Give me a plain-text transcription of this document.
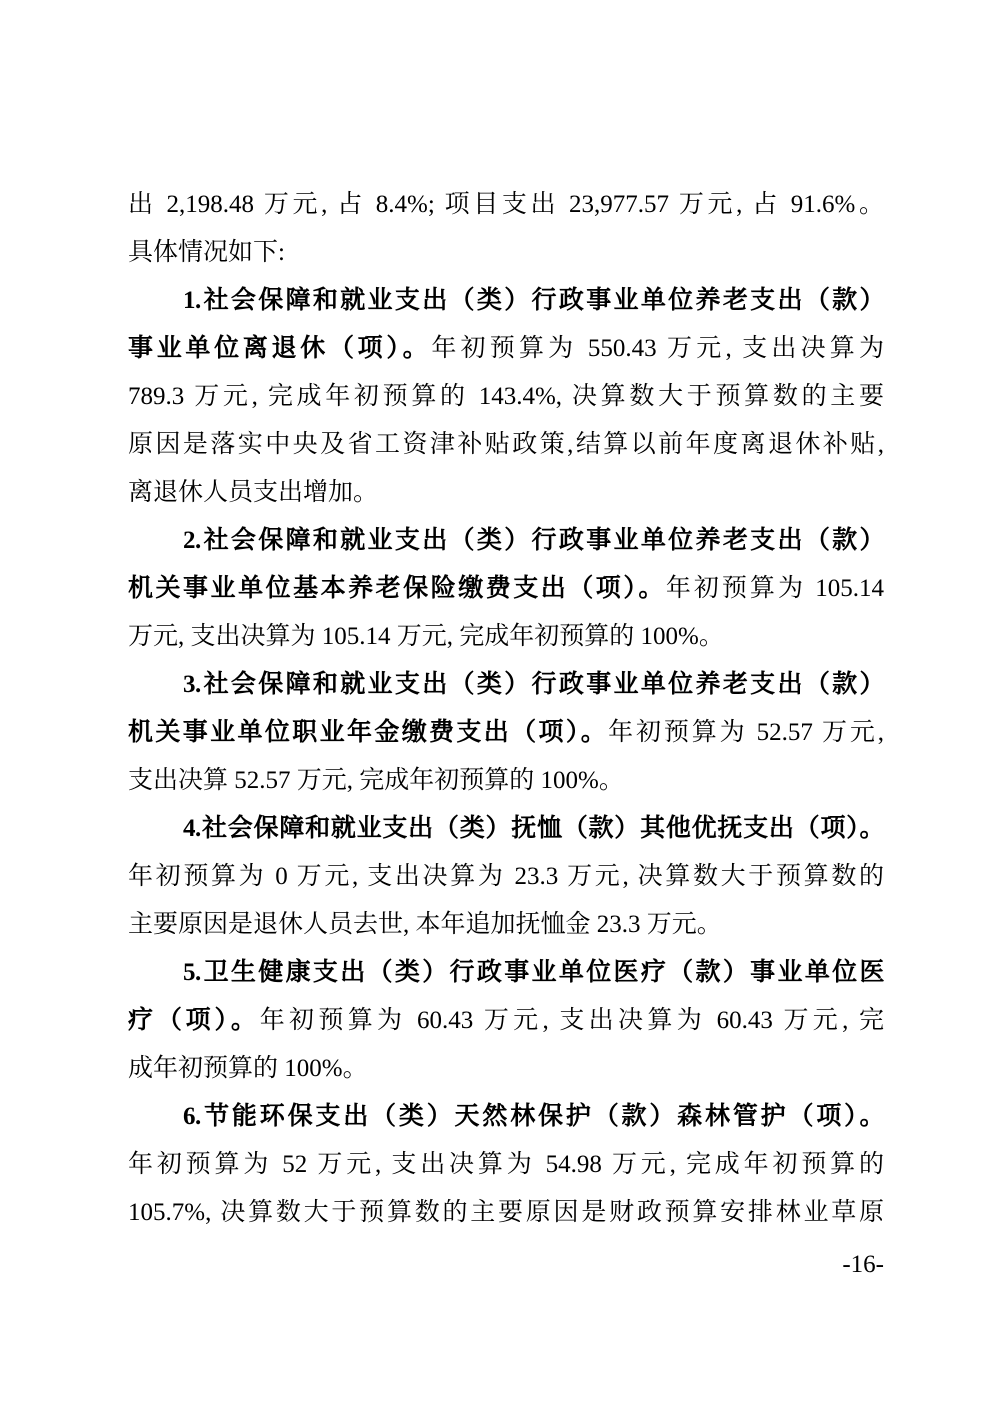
出 2,198.48 万元, 占 8.4%; 项目支出 23,977.57 万元, 占 91.6%。
具体情况如下:
1.社会保障和就业支出（类）行政事业单位养老支出（款）
事业单位离退休（项）。年初预算为 550.43 万元, 支出决算为
789.3 万元, 完成年初预算的 143.4%, 决算数大于预算数的主要
原因是落实中央及省工资津补贴政策,结算以前年度离退休补贴,
离退休人员支出增加。
2.社会保障和就业支出（类）行政事业单位养老支出（款）
机关事业单位基本养老保险缴费支出（项）。年初预算为 105.14
万元, 支出决算为 105.14 万元, 完成年初预算的 100%。
3.社会保障和就业支出（类）行政事业单位养老支出（款）
机关事业单位职业年金缴费支出（项）。年初预算为 52.57 万元,
支出决算 52.57 万元, 完成年初预算的 100%。
4.社会保障和就业支出（类）抚恤（款）其他优抚支出（项）。
年初预算为 0 万元, 支出决算为 23.3 万元, 决算数大于预算数的
主要原因是退休人员去世, 本年追加抚恤金 23.3 万元。
5.卫生健康支出（类）行政事业单位医疗（款）事业单位医
疗（项）。年初预算为 60.43 万元, 支出决算为 60.43 万元, 完
成年初预算的 100%。
6.节能环保支出（类）天然林保护（款）森林管护（项）。
年初预算为 52 万元, 支出决算为 54.98 万元, 完成年初预算的
105.7%, 决算数大于预算数的主要原因是财政预算安排林业草原
-16-
